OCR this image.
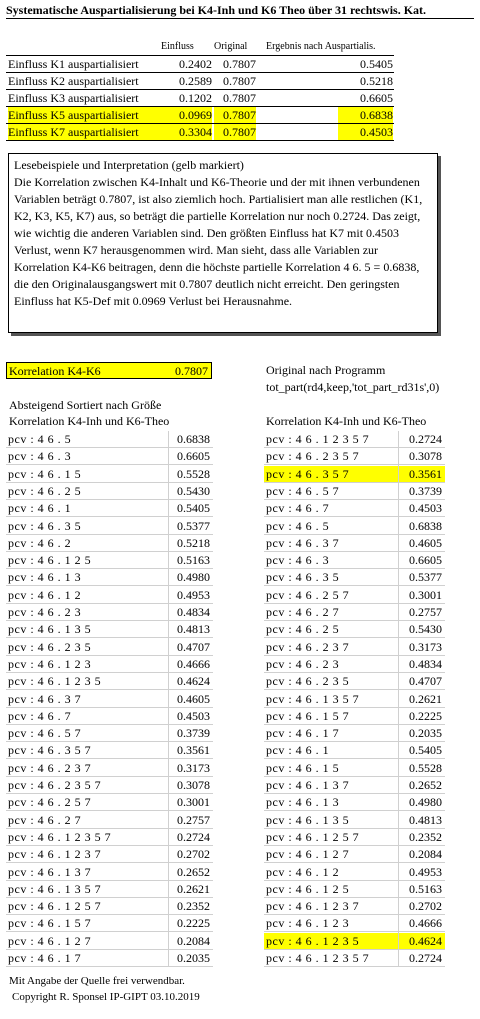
Systematische Auspartialisierung bei K4-Inh und K6 Theo über 31 rechtswis. Kat.
Einfluss Original Ergebnis nach Auspartialis.
Einfluss K1 auspartialisiert	0.2402 0.7807	0.5405
Einfluss K2 auspartialisiert	0.2589 0.7807	0.5218
Einfluss K3 auspartialisiert	0.1202 0.7807	0.6605
Einfluss K5 auspartialisiert	0.0969 0.7807	0.6838
Einfluss K7 auspartialisiert	0.3304 0.7807	0.4503
Lesebeispiele und Interpretation (gelb markiert)
Die Korrelation zwischen K4-Inhalt und K6-Theorie und der mit ihnen verbundenen Variablen beträgt 0.7807, ist also ziemlich hoch. Partialisiert man alle restlichen (K1, K2, K3, K5, K7) aus, so beträgt die partielle Korrelation nur noch 0.2724. Das zeigt, wie wichtig die anderen Variablen sind. Den größten Einfluss hat K7 mit 0.4503 Verlust, wenn K7 herausgenommen wird. Man sieht, dass alle Variablen zur Korrelation K4-K6 beitragen, denn die höchste partielle Korrelation 4 6. 5 = 0.6838, die den Originalausgangswert mit 0.7807 deutlich nicht erreicht. Den geringsten Einfluss hat K5-Def mit 0.0969 Verlust bei Herausnahme.
Korrelation K4-K6	0.7807	Original nach Programm
tot_part(rd4,keep,'tot_part_rd31s',0)
Absteigend Sortiert nach Größe
Korrelation K4-Inh und K6-Theo	Korrelation K4-Inh und K6-Theo
pcv : 4 6 . 5	0.6838
pcv : 4 6 . 3	0.6605
pcv : 4 6 . 1 5	0.5528
pcv : 4 6 . 2 5	0.5430
pcv : 4 6 . 1	0.5405
pcv : 4 6 . 3 5	0.5377
pcv : 4 6 . 2	0.5218
pcv : 4 6 . 1 2 5	0.5163
pcv : 4 6 . 1 3	0.4980
pcv : 4 6 . 1 2	0.4953
pcv : 4 6 . 2 3	0.4834
pcv : 4 6 . 1 3 5	0.4813
pcv : 4 6 . 2 3 5	0.4707
pcv : 4 6 . 1 2 3	0.4666
pcv : 4 6 . 1 2 3 5	0.4624
pcv : 4 6 . 3 7	0.4605
pcv : 4 6 . 7	0.4503
pcv : 4 6 . 5 7	0.3739
pcv : 4 6 . 3 5 7	0.3561
pcv : 4 6 . 2 3 7	0.3173
pcv : 4 6 . 2 3 5 7	0.3078
pcv : 4 6 . 2 5 7	0.3001
pcv : 4 6 . 2 7	0.2757
pcv : 4 6 . 1 2 3 5 7	0.2724
pcv : 4 6 . 1 2 3 7	0.2702
pcv : 4 6 . 1 3 7	0.2652
pcv : 4 6 . 1 3 5 7	0.2621
pcv : 4 6 . 1 2 5 7	0.2352
pcv : 4 6 . 1 5 7	0.2225
pcv : 4 6 . 1 2 7	0.2084
pcv : 4 6 . 1 7	0.2035
pcv : 4 6 . 1 2 3 5 7	0.2724
pcv : 4 6 . 2 3 5 7	0.3078
pcv : 4 6 . 3 5 7	0.3561
pcv : 4 6 . 5 7	0.3739
pcv : 4 6 . 7	0.4503
pcv : 4 6 . 5	0.6838
pcv : 4 6 . 3 7	0.4605
pcv : 4 6 . 3	0.6605
pcv : 4 6 . 3 5	0.5377
pcv : 4 6 . 2 5 7	0.3001
pcv : 4 6 . 2 7	0.2757
pcv : 4 6 . 2 5	0.5430
pcv : 4 6 . 2 3 7	0.3173
pcv : 4 6 . 2 3	0.4834
pcv : 4 6 . 2 3 5	0.4707
pcv : 4 6 . 1 3 5 7	0.2621
pcv : 4 6 . 1 5 7	0.2225
pcv : 4 6 . 1 7	0.2035
pcv : 4 6 . 1	0.5405
pcv : 4 6 . 1 5	0.5528
pcv : 4 6 . 1 3 7	0.2652
pcv : 4 6 . 1 3	0.4980
pcv : 4 6 . 1 3 5	0.4813
pcv : 4 6 . 1 2 5 7	0.2352
pcv : 4 6 . 1 2 7	0.2084
pcv : 4 6 . 1 2	0.4953
pcv : 4 6 . 1 2 5	0.5163
pcv : 4 6 . 1 2 3 7	0.2702
pcv : 4 6 . 1 2 3	0.4666
pcv : 4 6 . 1 2 3 5	0.4624
pcv : 4 6 . 1 2 3 5 7	0.2724
Mit Angabe der Quelle frei verwendbar.
Copyright R. Sponsel IP-GIPT 03.10.2019
